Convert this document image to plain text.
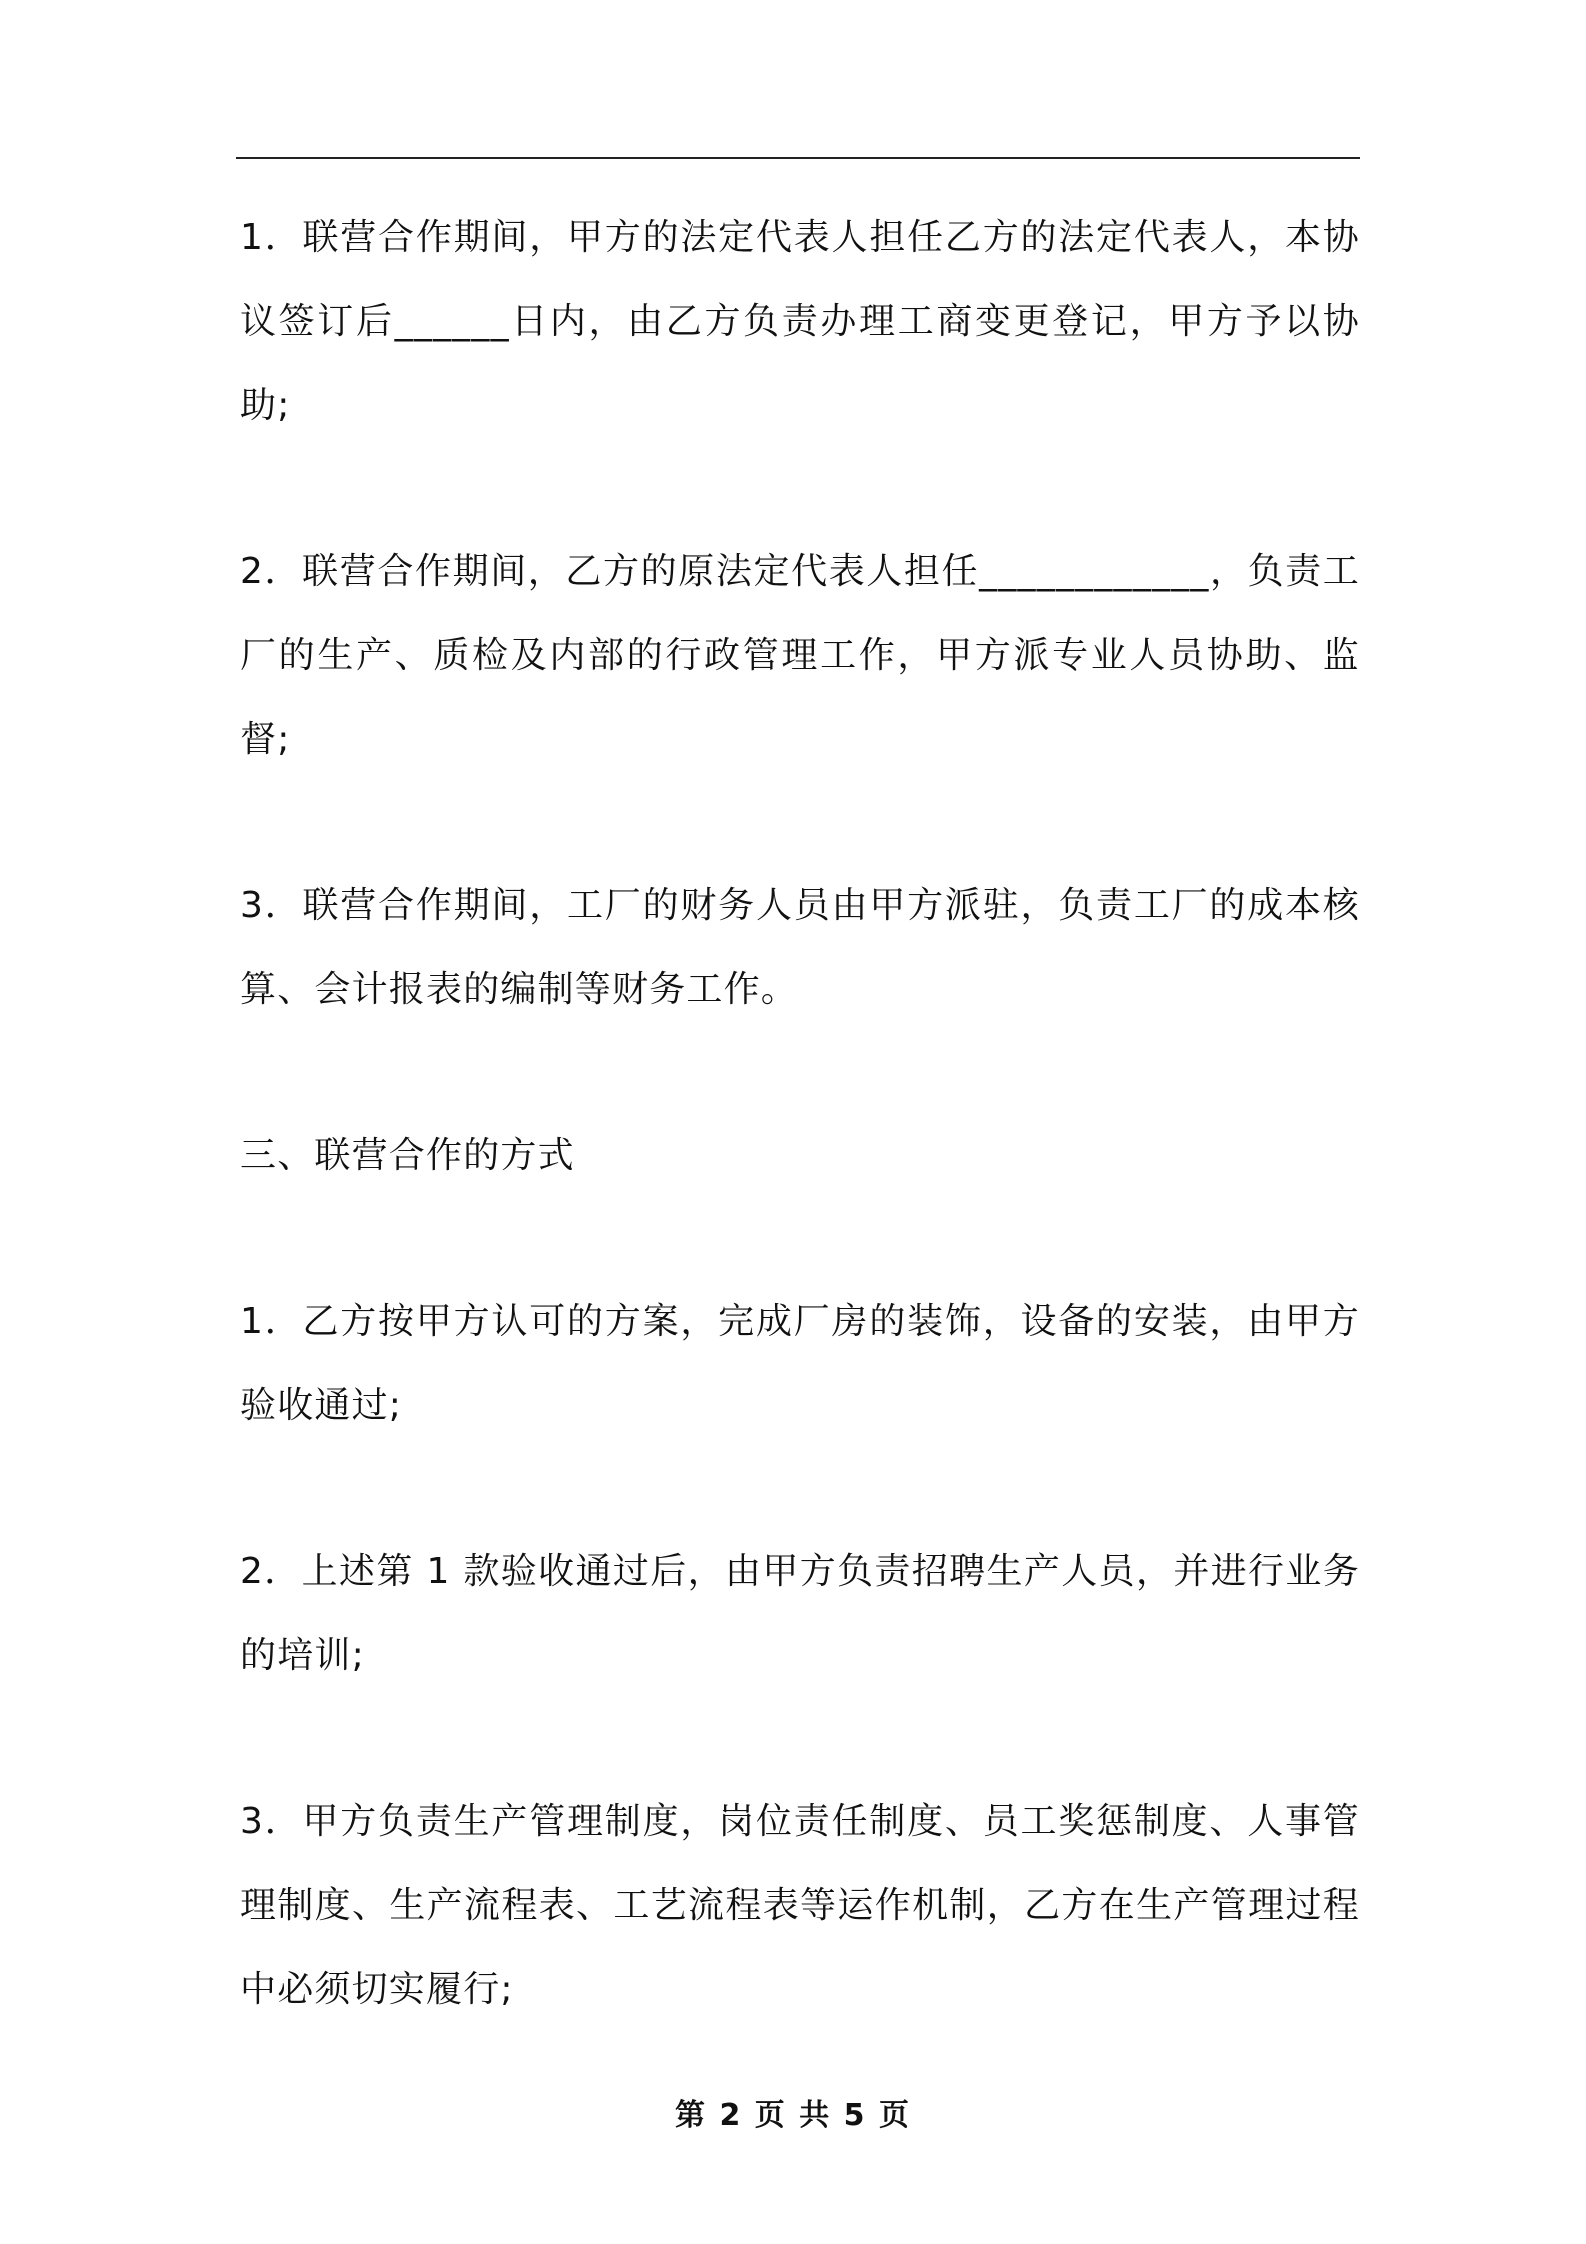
1．联营合作期间，甲方的法定代表人担任乙方的法定代表人，本协议签订后______日内，由乙方负责办理工商变更登记，甲方予以协助;

2．联营合作期间，乙方的原法定代表人担任____________，负责工厂的生产、质检及内部的行政管理工作，甲方派专业人员协助、监督;

3．联营合作期间，工厂的财务人员由甲方派驻，负责工厂的成本核算、会计报表的编制等财务工作。

三、联营合作的方式

1．乙方按甲方认可的方案，完成厂房的装饰，设备的安装，由甲方验收通过;

2．上述第 1 款验收通过后，由甲方负责招聘生产人员，并进行业务的培训;

3．甲方负责生产管理制度，岗位责任制度、员工奖惩制度、人事管理制度、生产流程表、工艺流程表等运作机制，乙方在生产管理过程中必须切实履行;

第 2 页 共 5 页
